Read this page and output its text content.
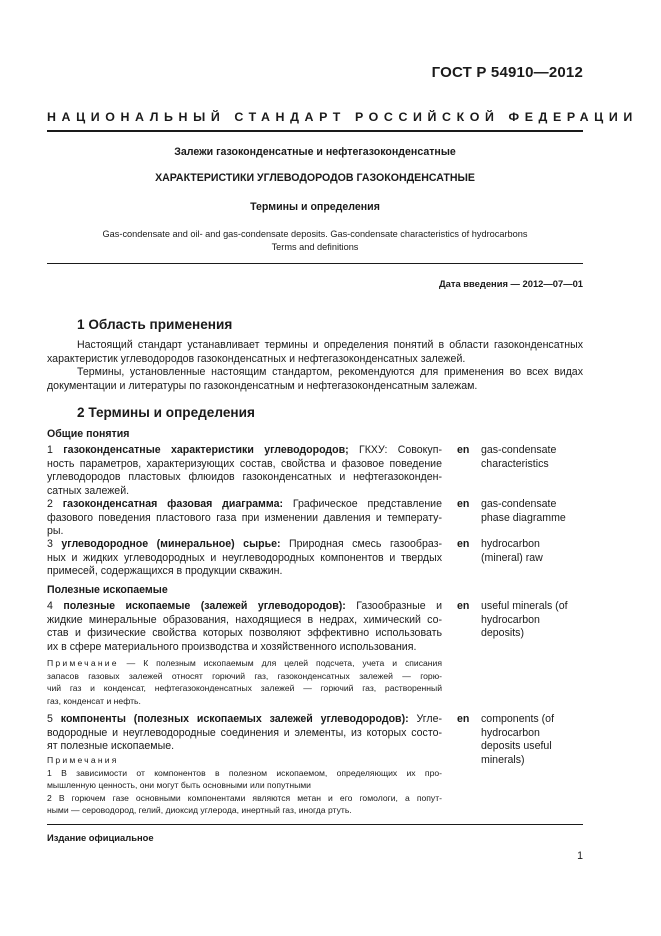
ГОСТ Р 54910—2012
НАЦИОНАЛЬНЫЙ СТАНДАРТ РОССИЙСКОЙ ФЕДЕРАЦИИ
Залежи газоконденсатные и нефтегазоконденсатные
ХАРАКТЕРИСТИКИ УГЛЕВОДОРОДОВ ГАЗОКОНДЕНСАТНЫЕ
Термины и определения
Gas-condensate and oil- and gas-condensate deposits. Gas-condensate characteristics of hydrocarbons
Terms and definitions
Дата введения — 2012—07—01
1 Область применения
Настоящий стандарт устанавливает термины и определения понятий в области газоконденсатных
характеристик углеводородов газоконденсатных и нефтегазоконденсатных залежей.
Термины, установленные настоящим стандартом, рекомендуются для применения во всех видах
документации и литературы по газоконденсатным и нефтегазоконденсатным залежам.
2 Термины и определения
Общие понятия
1 газоконденсатные характеристики углеводородов; ГКХУ: Совокуп-
ность параметров, характеризующих состав, свойства и фазовое поведение
углеводородов пластовых флюидов газоконденсатных и нефтегазоконден-
сатных залежей.
en gas-condensate
characteristics
2 газоконденсатная фазовая диаграмма: Графическое представление
фазового поведения пластового газа при изменении давления и температу-
ры.
en gas-condensate
phase diagramme
3 углеводородное (минеральное) сырье: Природная смесь газообраз-
ных и жидких углеводородных и неуглеводородных компонентов и твердых
примесей, содержащихся в продукции скважин.
en hydrocarbon
(mineral) raw
Полезные ископаемые
4 полезные ископаемые (залежей углеводородов): Газообразные и
жидкие минеральные образования, находящиеся в недрах, химический со-
став и физические свойства которых позволяют эффективно использовать
их в сфере материального производства и хозяйственного использования.
en useful minerals (of
hydrocarbon
deposits)
Примечание — К полезным ископаемым для целей подсчета, учета и списания
запасов газовых залежей относят горючий газ, газоконденсатных залежей — горю-
чий газ и конденсат, нефтегазоконденсатных залежей — горючий газ, растворенный
газ, конденсат и нефть.
5 компоненты (полезных ископаемых залежей углеводородов): Угле-
водородные и неуглеводородные соединения и элементы, из которых состо-
ят полезные ископаемые.
en components (of
hydrocarbon
deposits useful
minerals)
Примечания
1 В зависимости от компонентов в полезном ископаемом, определяющих их про-
мышленную ценность, они могут быть основными или попутными
2 В горючем газе основными компонентами являются метан и его гомологи, а попут-
ными — сероводород, гелий, диоксид углерода, инертный газ, иногда ртуть.
Издание официальное
1
